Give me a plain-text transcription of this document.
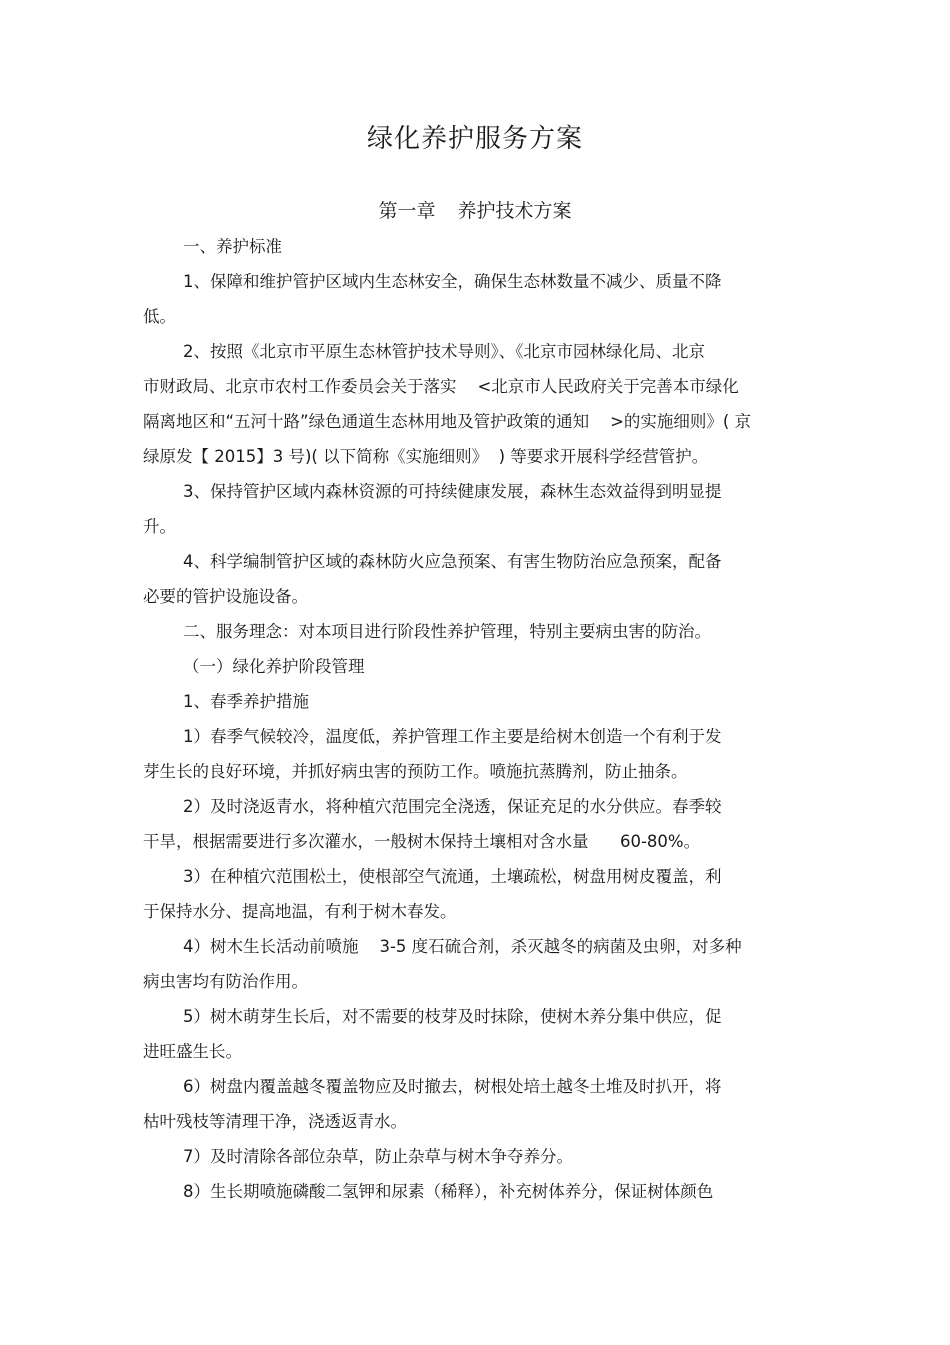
绿化养护服务方案
第一章 养护技术方案
一、养护标准
1、保障和维护管护区域内生态林安全，确保生态林数量不减少、质量不降
低。
2、按照《北京市平原生态林管护技术导则》、《北京市园林绿化局、北京
市财政局、北京市农村工作委员会关于落实    <北京市人民政府关于完善本市绿化
隔离地区和“五河十路”绿色通道生态林用地及管护政策的通知    >的实施细则》( 京
绿原发【 2015】3 号)( 以下简称《实施细则》  ) 等要求开展科学经营管护。
3、保持管护区域内森林资源的可持续健康发展，森林生态效益得到明显提
升。
4、科学编制管护区域的森林防火应急预案、有害生物防治应急预案，配备
必要的管护设施设备。
二、服务理念：对本项目进行阶段性养护管理，特别主要病虫害的防治。
（一）绿化养护阶段管理
1、春季养护措施
1）春季气候较冷，温度低，养护管理工作主要是给树木创造一个有利于发
芽生长的良好环境，并抓好病虫害的预防工作。喷施抗蒸腾剂，防止抽条。
2）及时浇返青水，将种植穴范围完全浇透，保证充足的水分供应。春季较
干旱，根据需要进行多次灌水，一般树木保持土壤相对含水量      60-80%。
3）在种植穴范围松土，使根部空气流通，土壤疏松，树盘用树皮覆盖，利
于保持水分、提高地温，有利于树木春发。
4）树木生长活动前喷施    3-5 度石硫合剂，杀灭越冬的病菌及虫卵，对多种
病虫害均有防治作用。
5）树木萌芽生长后，对不需要的枝芽及时抹除，使树木养分集中供应，促
进旺盛生长。
6）树盘内覆盖越冬覆盖物应及时撤去，树根处培土越冬土堆及时扒开，将
枯叶残枝等清理干净，浇透返青水。
7）及时清除各部位杂草，防止杂草与树木争夺养分。
8）生长期喷施磷酸二氢钾和尿素（稀释），补充树体养分，保证树体颜色
